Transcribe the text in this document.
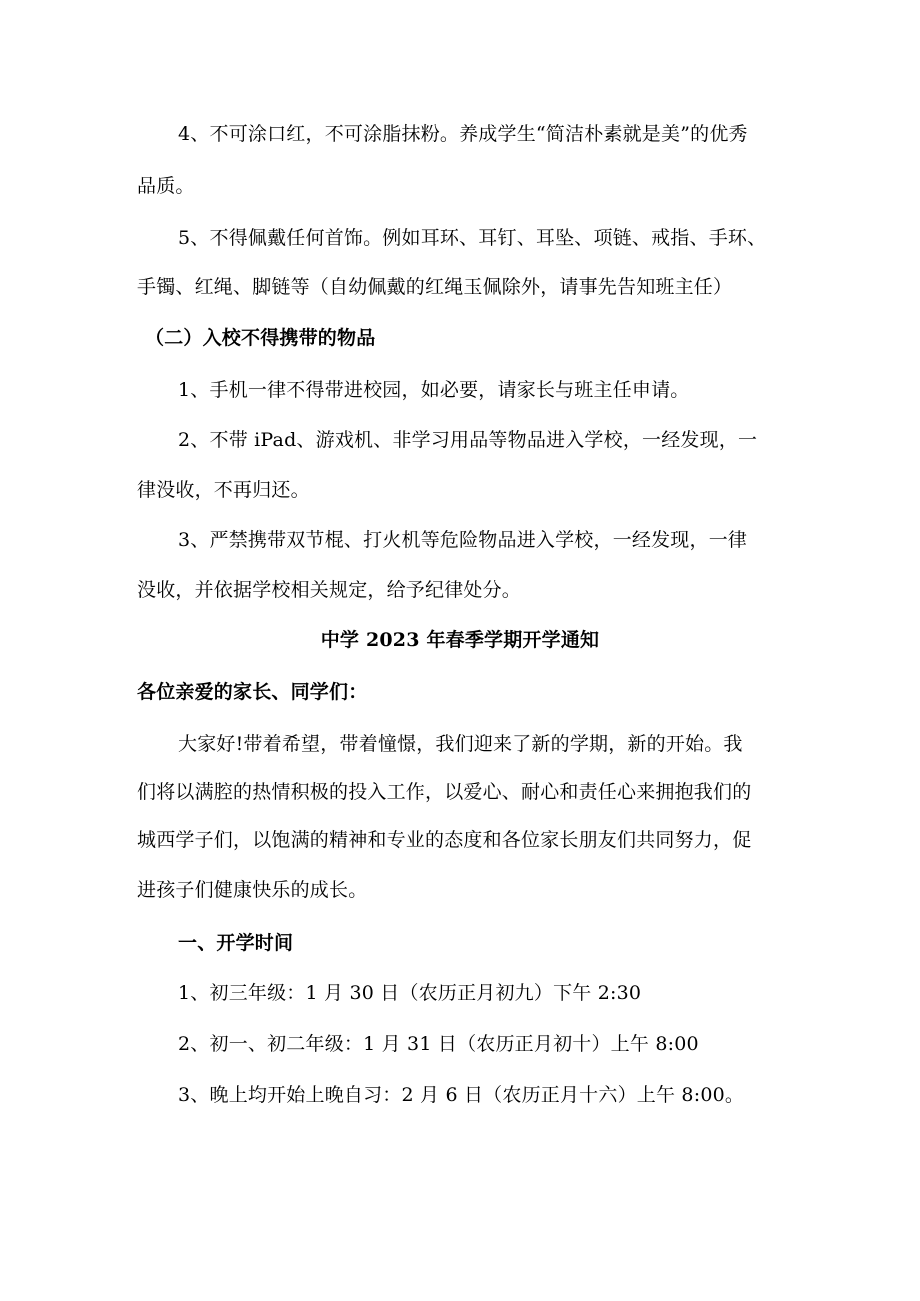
4、不可涂口红，不可涂脂抹粉。养成学生“简洁朴素就是美”的优秀
品质。
5、不得佩戴任何首饰。例如耳环、耳钉、耳坠、项链、戒指、手环、
手镯、红绳、脚链等（自幼佩戴的红绳玉佩除外，请事先告知班主任）
（二）入校不得携带的物品
1、手机一律不得带进校园，如必要，请家长与班主任申请。
2、不带 iPad、游戏机、非学习用品等物品进入学校，一经发现，一
律没收，不再归还。
3、严禁携带双节棍、打火机等危险物品进入学校，一经发现，一律
没收，并依据学校相关规定，给予纪律处分。
中学 2023 年春季学期开学通知
各位亲爱的家长、同学们：
大家好!带着希望，带着憧憬，我们迎来了新的学期，新的开始。我
们将以满腔的热情积极的投入工作，以爱心、耐心和责任心来拥抱我们的
城西学子们，以饱满的精神和专业的态度和各位家长朋友们共同努力，促
进孩子们健康快乐的成长。
一、开学时间
1、初三年级：1 月 30 日（农历正月初九）下午 2:30
2、初一、初二年级：1 月 31 日（农历正月初十）上午 8:00
3、晚上均开始上晚自习：2 月 6 日（农历正月十六）上午 8:00。
